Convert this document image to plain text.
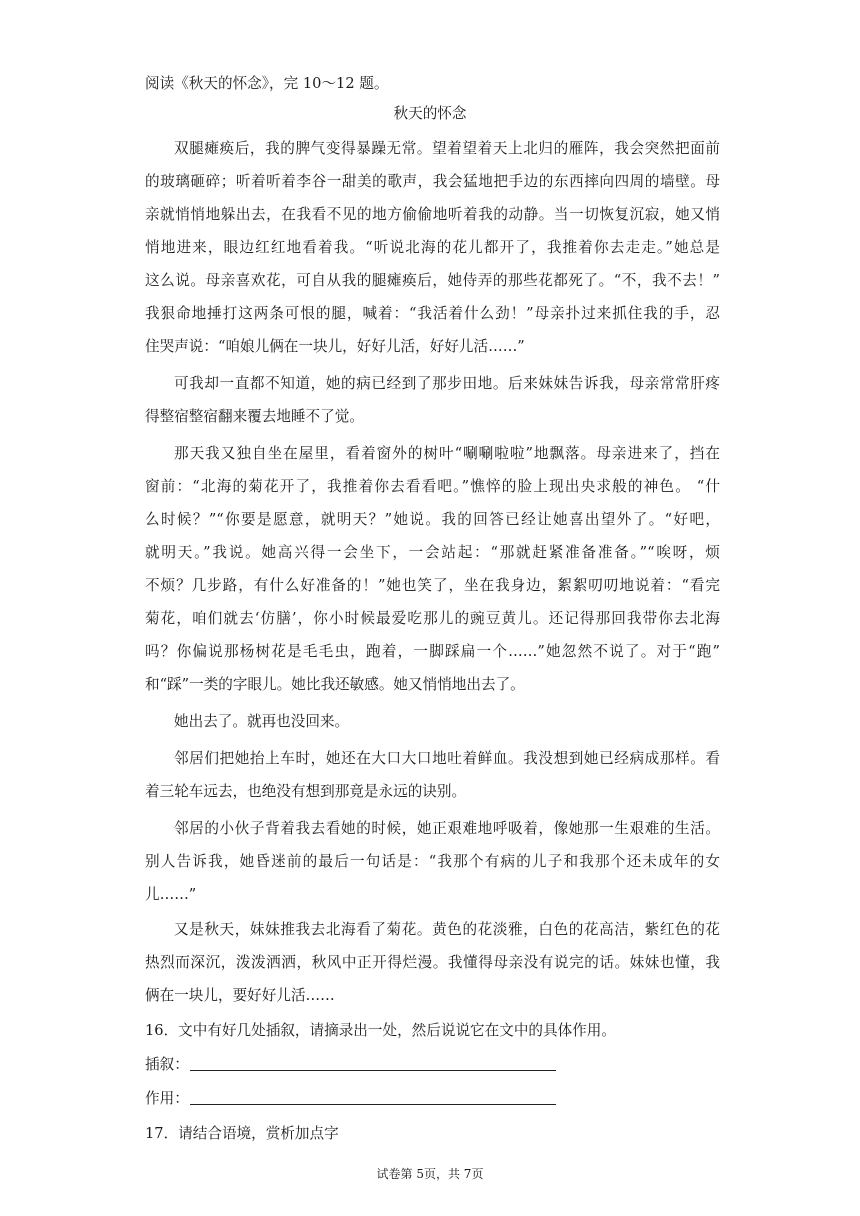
阅读《秋天的怀念》，完 10～12 题。
秋天的怀念
双腿瘫痪后，我的脾气变得暴躁无常。望着望着天上北归的雁阵，我会突然把面前
的玻璃砸碎；听着听着李谷一甜美的歌声，我会猛地把手边的东西摔向四周的墙壁。母
亲就悄悄地躲出去，在我看不见的地方偷偷地听着我的动静。当一切恢复沉寂，她又悄
悄地进来，眼边红红地看着我。“听说北海的花儿都开了，我推着你去走走。”她总是
这么说。母亲喜欢花，可自从我的腿瘫痪后，她侍弄的那些花都死了。“不，我不去！”
我狠命地捶打这两条可恨的腿，喊着：“我活着什么劲！”母亲扑过来抓住我的手，忍
住哭声说：“咱娘儿俩在一块儿，好好儿活，好好儿活……”
可我却一直都不知道，她的病已经到了那步田地。后来妹妹告诉我，母亲常常肝疼
得整宿整宿翻来覆去地睡不了觉。
那天我又独自坐在屋里，看着窗外的树叶“唰唰啦啦”地飘落。母亲进来了，挡在
窗前：“北海的菊花开了，我推着你去看看吧。”憔悴的脸上现出央求般的神色。 “什
么时候？”“你要是愿意，就明天？”她说。我的回答已经让她喜出望外了。“好吧，
就明天。”我说。她高兴得一会坐下，一会站起：“那就赶紧准备准备。”“唉呀，烦
不烦？几步路，有什么好准备的！”她也笑了，坐在我身边，絮絮叨叨地说着：“看完
菊花，咱们就去‘仿膳’，你小时候最爱吃那儿的豌豆黄儿。还记得那回我带你去北海
吗？你偏说那杨树花是毛毛虫，跑着，一脚踩扁一个……”她忽然不说了。对于“跑”
和“踩”一类的字眼儿。她比我还敏感。她又悄悄地出去了。
她出去了。就再也没回来。
邻居们把她抬上车时，她还在大口大口地吐着鲜血。我没想到她已经病成那样。看
着三轮车远去，也绝没有想到那竟是永远的诀别。
邻居的小伙子背着我去看她的时候，她正艰难地呼吸着，像她那一生艰难的生活。
别人告诉我，她昏迷前的最后一句话是：“我那个有病的儿子和我那个还未成年的女
儿……”
又是秋天，妹妹推我去北海看了菊花。黄色的花淡雅，白色的花高洁，紫红色的花
热烈而深沉，泼泼洒洒，秋风中正开得烂漫。我懂得母亲没有说完的话。妹妹也懂，我
俩在一块儿，要好好儿活……
16．文中有好几处插叙，请摘录出一处，然后说说它在文中的具体作用。
插叙：
作用：
17．请结合语境，赏析加点字
试卷第 5页，共 7页
